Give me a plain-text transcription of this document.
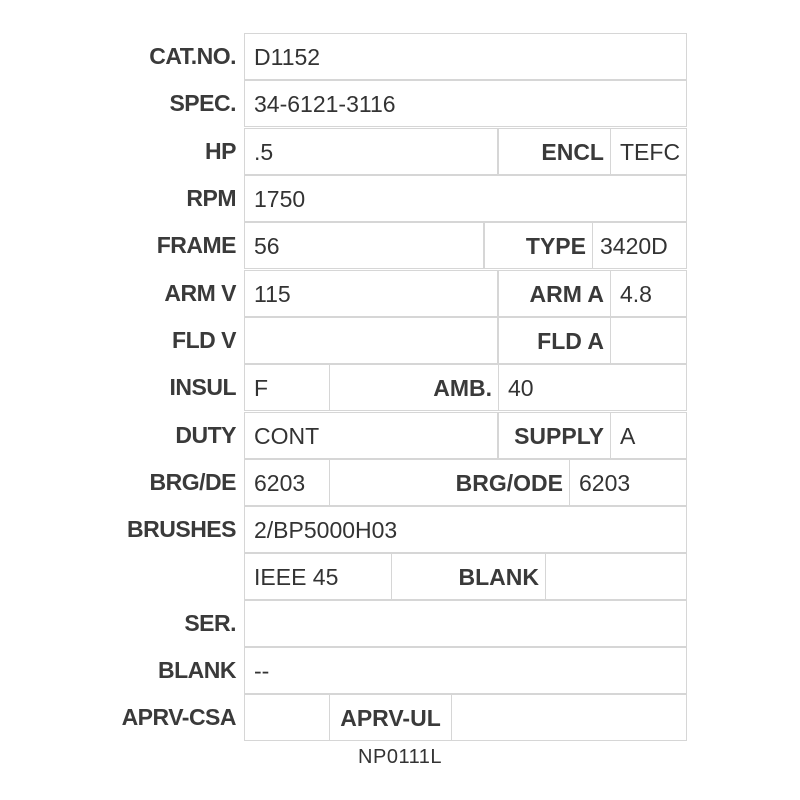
CAT.NO. D1152
SPEC. 34-6121-3116
HP .5	ENCL TEFC
RPM 1750
FRAME 56	TYPE 3420D
ARM V 115	ARM A 4.8
FLD V	FLD A
INSUL F	AMB. 40
DUTY CONT	SUPPLY A
BRG/DE 6203	BRG/ODE 6203
BRUSHES 2/BP5000H03
IEEE 45	BLANK
SER.
BLANK --
APRV-CSA	APRV-UL
NP0111L
